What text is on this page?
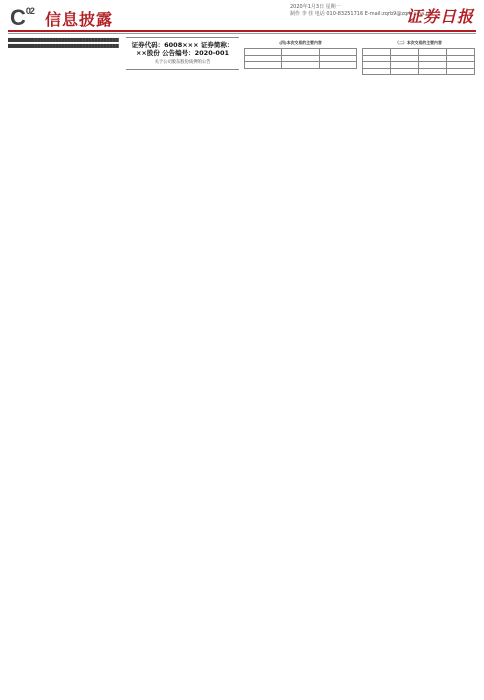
$C^{02}$ 信息披露
2020年1月3日 星期一
制作 李 佳 电话 010-83251716 E-mail:zqrb9@zqrb.sina.net
证券日报
▇▇▇▇▇▇▇▇▇▇▇▇▇▇▇▇▇▇▇▇▇▇▇▇▇▇▇▇▇▇▇▇▇▇▇▇▇▇▇▇▇▇▇▇▇▇▇▇▇▇▇▇▇▇▇▇▇▇▇▇▇▇▇▇▇▇▇▇▇▇▇▇▇▇	证券代码：6008××× 证券简称：××股份 公告编号：2020-001
关于公司股东股份质押的公告
(四)本次交易的主要内容

			（二）本次交易的主要内容
